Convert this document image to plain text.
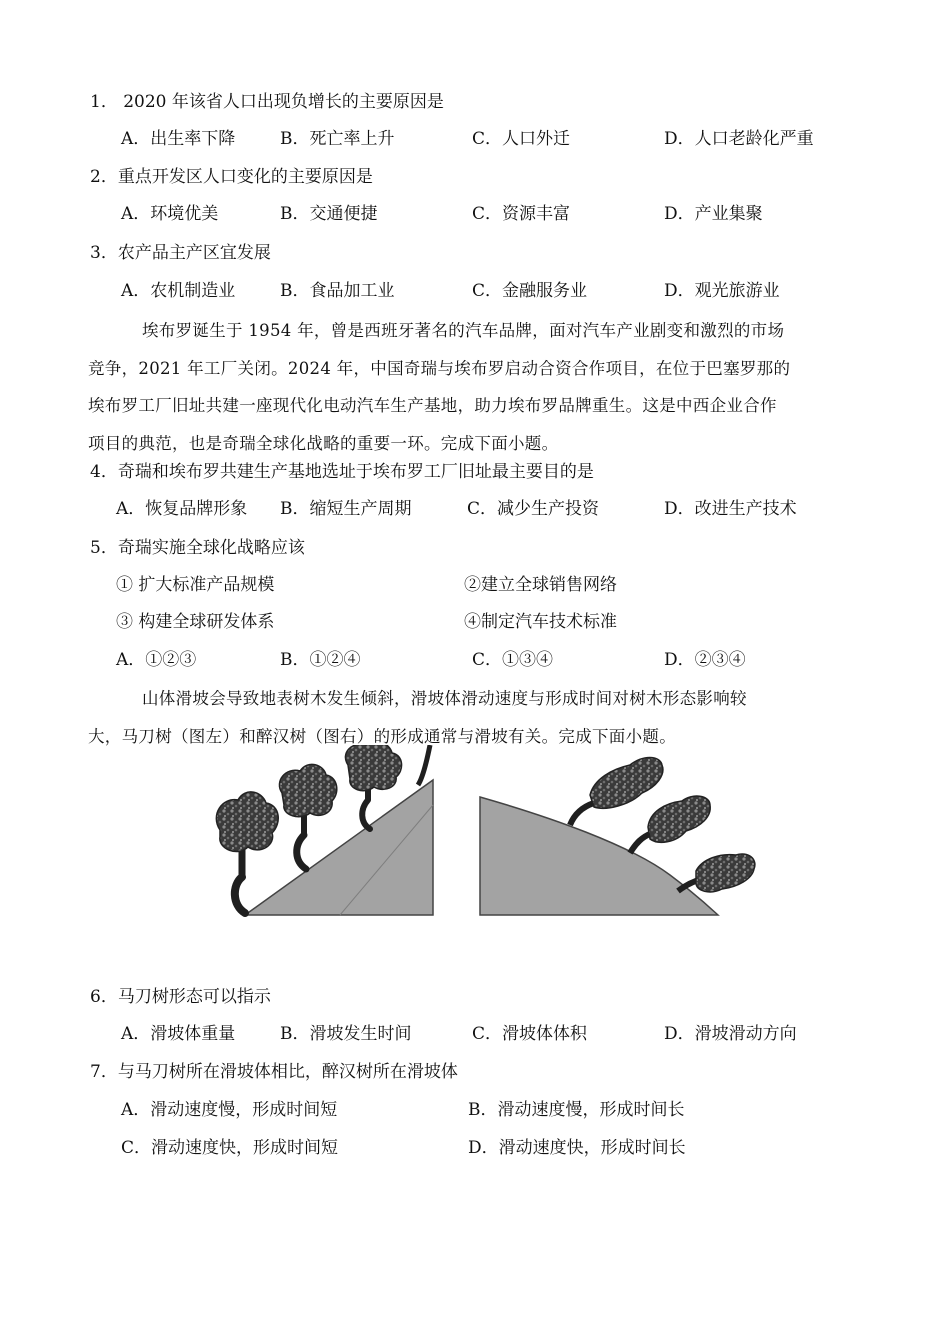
1． 2020 年该省人口出现负增长的主要原因是
A．出生率下降	B．死亡率上升	C．人口外迁	D．人口老龄化严重
2．重点开发区人口变化的主要原因是
A．环境优美	B．交通便捷	C．资源丰富	D．产业集聚
3．农产品主产区宜发展
A．农机制造业	B．食品加工业	C．金融服务业	D．观光旅游业
埃布罗诞生于 1954 年，曾是西班牙著名的汽车品牌，面对汽车产业剧变和激烈的市场
竞争，2021 年工厂关闭。2024 年，中国奇瑞与埃布罗启动合资合作项目，在位于巴塞罗那的
埃布罗工厂旧址共建一座现代化电动汽车生产基地，助力埃布罗品牌重生。这是中西企业合作
项目的典范，也是奇瑞全球化战略的重要一环。完成下面小题。
4．奇瑞和埃布罗共建生产基地选址于埃布罗工厂旧址最主要目的是
A．恢复品牌形象 B．缩短生产周期	C．减少生产投资	D．改进生产技术
5．奇瑞实施全球化战略应该
① 扩大标准产品规模	②建立全球销售网络
③ 构建全球研发体系	④制定汽车技术标准
A．①②③	B．①②④	C．①③④	D．②③④
山体滑坡会导致地表树木发生倾斜，滑坡体滑动速度与形成时间对树木形态影响较
大，马刀树（图左）和醉汉树（图右）的形成通常与滑坡有关。完成下面小题。
6．马刀树形态可以指示
A．滑坡体重量	B．滑坡发生时间	C．滑坡体体积	D．滑坡滑动方向
7．与马刀树所在滑坡体相比，醉汉树所在滑坡体
A．滑动速度慢，形成时间短	B．滑动速度慢，形成时间长
C．滑动速度快，形成时间短	D．滑动速度快，形成时间长
